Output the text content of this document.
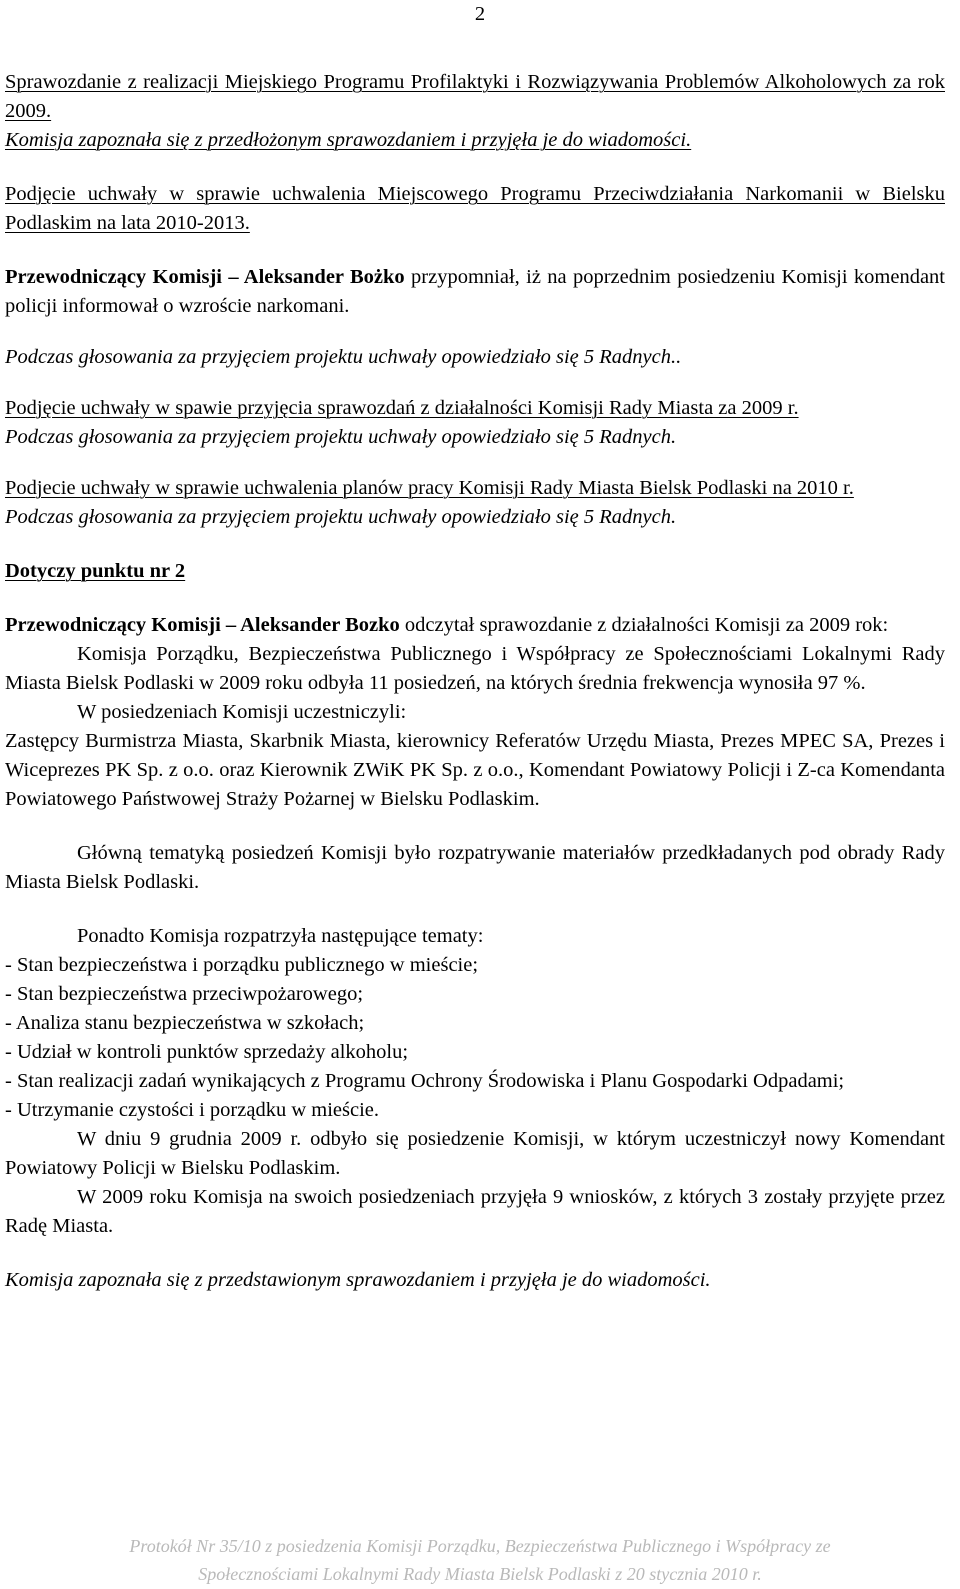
2

Sprawozdanie z realizacji Miejskiego Programu Profilaktyki i Rozwiązywania Problemów Alkoholowych za rok 2009.

Komisja zapoznała się z przedłożonym sprawozdaniem i przyjęła je do wiadomości.

Podjęcie uchwały w sprawie uchwalenia Miejscowego Programu Przeciwdziałania Narkomanii w Bielsku Podlaskim na lata 2010-2013.

Przewodniczący Komisji – Aleksander Bożko przypomniał, iż na poprzednim posiedzeniu Komisji komendant policji informował o wzroście narkomani.

Podczas głosowania za przyjęciem projektu uchwały opowiedziało się 5 Radnych..

Podjęcie uchwały w spawie przyjęcia sprawozdań z działalności Komisji Rady Miasta za 2009 r.

Podczas głosowania za przyjęciem projektu uchwały opowiedziało się 5 Radnych.

Podjecie uchwały w sprawie uchwalenia planów pracy Komisji Rady Miasta Bielsk Podlaski na 2010 r.

Podczas głosowania za przyjęciem projektu uchwały opowiedziało się 5 Radnych.

Dotyczy punktu nr 2

Przewodniczący Komisji – Aleksander Bozko odczytał sprawozdanie z działalności Komisji za 2009 rok:

Komisja Porządku, Bezpieczeństwa Publicznego i Współpracy ze Społecznościami Lokalnymi Rady Miasta Bielsk Podlaski w 2009 roku odbyła 11 posiedzeń, na których średnia frekwencja wynosiła 97 %.

W posiedzeniach Komisji uczestniczyli:

Zastępcy Burmistrza Miasta, Skarbnik Miasta, kierownicy Referatów Urzędu Miasta, Prezes MPEC SA, Prezes i Wiceprezes PK Sp. z o.o. oraz Kierownik ZWiK PK Sp. z o.o., Komendant Powiatowy Policji i Z-ca Komendanta Powiatowego Państwowej Straży Pożarnej w Bielsku Podlaskim.

Główną tematyką posiedzeń Komisji było rozpatrywanie materiałów przedkładanych pod obrady Rady Miasta Bielsk Podlaski.

Ponadto Komisja rozpatrzyła następujące tematy:

- Stan bezpieczeństwa i porządku publicznego w mieście;
- Stan bezpieczeństwa przeciwpożarowego;
- Analiza stanu bezpieczeństwa w szkołach;
- Udział w kontroli punktów sprzedaży alkoholu;
- Stan realizacji zadań wynikających z Programu Ochrony Środowiska i Planu Gospodarki Odpadami;
- Utrzymanie czystości i porządku w mieście.

W dniu 9 grudnia 2009 r. odbyło się posiedzenie Komisji, w którym uczestniczył nowy Komendant Powiatowy Policji w Bielsku Podlaskim.

W 2009 roku Komisja na swoich posiedzeniach przyjęła 9 wniosków, z których 3 zostały przyjęte przez Radę Miasta.

Komisja zapoznała się z przedstawionym sprawozdaniem i przyjęła je do wiadomości.

Protokół Nr 35/10 z posiedzenia Komisji Porządku, Bezpieczeństwa Publicznego i Współpracy ze
Społecznościami Lokalnymi Rady Miasta Bielsk Podlaski z 20 stycznia 2010 r.
